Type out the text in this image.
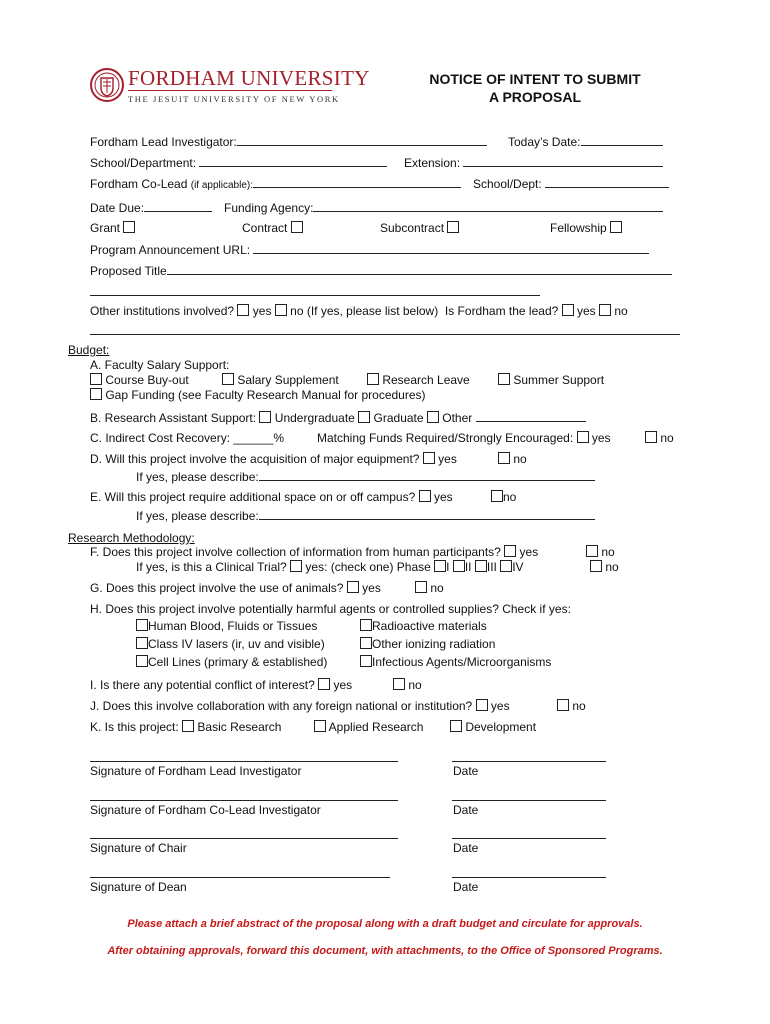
FORDHAM UNIVERSITY
THE JESUIT UNIVERSITY OF NEW YORK
NOTICE OF INTENT TO SUBMIT
A PROPOSAL
Fordham Lead Investigator:	Today’s Date:
School/Department:	Extension:
Fordham Co-Lead (if applicable):	School/Dept:
Date Due:	Funding Agency:
Grant	Contract	Subcontract	Fellowship
Program Announcement URL:
Proposed Title
Other institutions involved? yes no (If yes, please list below) Is Fordham the lead? yes no
Budget:
A. Faculty Salary Support:
Course Buy-out	Salary Supplement	Research Leave	Summer Support
Gap Funding (see Faculty Research Manual for procedures)
B. Research Assistant Support: Undergraduate Graduate Other
C. Indirect Cost Recovery: ______%	Matching Funds Required/Strongly Encouraged: yes	no
D. Will this project involve the acquisition of major equipment? yes	no
If yes, please describe:
E. Will this project require additional space on or off campus? yes	no
If yes, please describe:
Research Methodology:
F. Does this project involve collection of information from human participants? yes	no
If yes, is this a Clinical Trial? yes: (check one) Phase I II III IV	no
G. Does this project involve the use of animals? yes	no
H. Does this project involve potentially harmful agents or controlled supplies? Check if yes:
Human Blood, Fluids or Tissues	Radioactive materials
Class IV lasers (ir, uv and visible)	Other ionizing radiation
Cell Lines (primary & established)	Infectious Agents/Microorganisms
I. Is there any potential conflict of interest? yes	no
J. Does this involve collaboration with any foreign national or institution? yes	no
K. Is this project: Basic Research	Applied Research	Development
Signature of Fordham Lead Investigator	Date
Signature of Fordham Co-Lead Investigator	Date
Signature of Chair	Date
Signature of Dean	Date
Please attach a brief abstract of the proposal along with a draft budget and circulate for approvals.
After obtaining approvals, forward this document, with attachments, to the Office of Sponsored Programs.
